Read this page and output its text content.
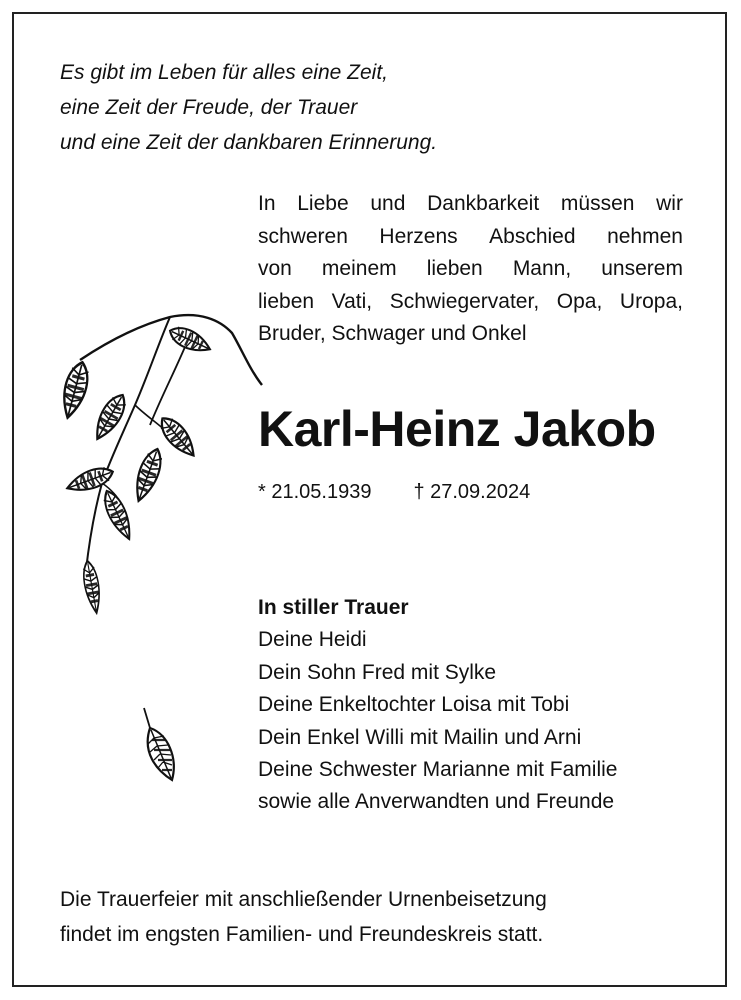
Es gibt im Leben für alles eine Zeit,
eine Zeit der Freude, der Trauer
und eine Zeit der dankbaren Erinnerung.
In Liebe und Dankbarkeit müssen wir
schweren Herzens Abschied nehmen
von meinem lieben Mann, unserem
lieben Vati, Schwiegervater, Opa, Uropa,
Bruder, Schwager und Onkel
Karl-Heinz Jakob
* 21.05.1939 † 27.09.2024
In stiller Trauer
Deine Heidi
Dein Sohn Fred mit Sylke
Deine Enkeltochter Loisa mit Tobi
Dein Enkel Willi mit Mailin und Arni
Deine Schwester Marianne mit Familie
sowie alle Anverwandten und Freunde
Die Trauerfeier mit anschließender Urnenbeisetzung
findet im engsten Familien- und Freundeskreis statt.
